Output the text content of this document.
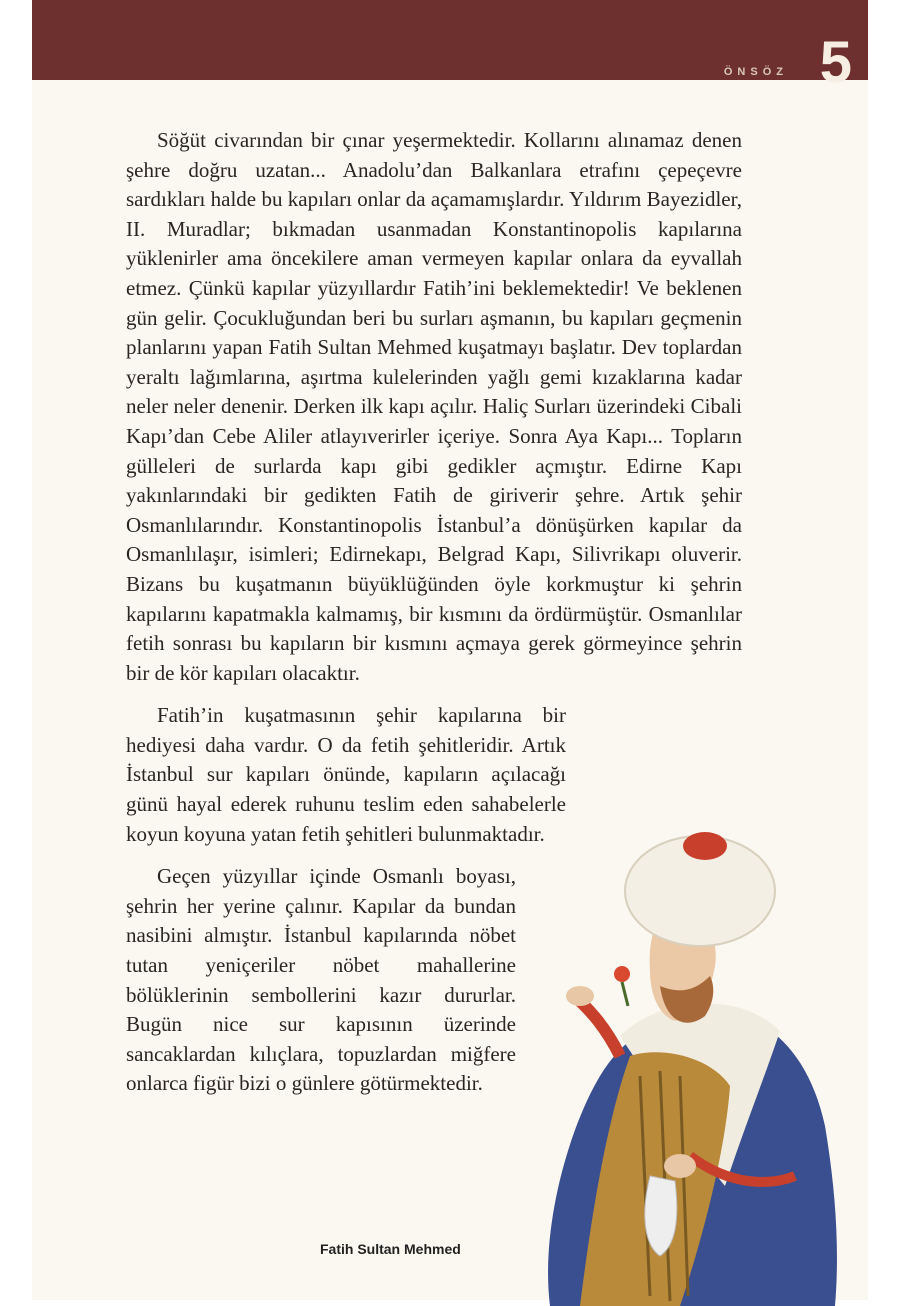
ÖNSÖZ 5

Söğüt civarından bir çınar yeşermektedir. Kollarını alınamaz denen şehre doğru uzatan... Anadolu’dan Balkanlara etrafını çepeçevre sardıkları halde bu kapıları onlar da açamamışlardır. Yıldırım Bayezidler, II. Muradlar; bıkmadan usanmadan Konstantinopolis kapılarına yüklenirler ama öncekilere aman vermeyen kapılar onlara da eyvallah etmez. Çünkü kapılar yüzyıllardır Fatih’ini beklemektedir! Ve beklenen gün gelir. Çocukluğundan beri bu surları aşmanın, bu kapıları geçmenin planlarını yapan Fatih Sultan Mehmed kuşatmayı başlatır. Dev toplardan yeraltı lağımlarına, aşırtma kulelerinden yağlı gemi kızaklarına kadar neler neler denenir. Derken ilk kapı açılır. Haliç Surları üzerindeki Cibali Kapı’dan Cebe Aliler atlayıverirler içeriye. Sonra Aya Kapı... Topların gülleleri de surlarda kapı gibi gedikler açmıştır. Edirne Kapı yakınlarındaki bir gedikten Fatih de giriverir şehre. Artık şehir Osmanlılarındır. Konstantinopolis İstanbul’a dönüşürken kapılar da Osmanlılaşır, isimleri; Edirnekapı, Belgrad Kapı, Silivrikapı oluverir. Bizans bu kuşatmanın büyüklüğünden öyle korkmuştur ki şehrin kapılarını kapatmakla kalmamış, bir kısmını da ördürmüştür. Osmanlılar fetih sonrası bu kapıların bir kısmını açmaya gerek görmeyince şehrin bir de kör kapıları olacaktır.

Fatih’in kuşatmasının şehir kapılarına bir hediyesi daha vardır. O da fetih şehitleridir. Artık İstanbul sur kapıları önünde, kapıların açılacağı günü hayal ederek ruhunu teslim eden sahabelerle koyun koyuna yatan fetih şehitleri bulunmaktadır.

Geçen yüzyıllar içinde Osmanlı boyası, şehrin her yerine çalınır. Kapılar da bundan nasibini almıştır. İstanbul kapılarında nöbet tutan yeniçeriler nöbet mahallerine bölüklerinin sembollerini kazır dururlar. Bugün nice sur kapısının üzerinde sancaklardan kılıçlara, topuzlardan miğfere onlarca figür bizi o günlere götürmektedir.

Fatih Sultan Mehmed
